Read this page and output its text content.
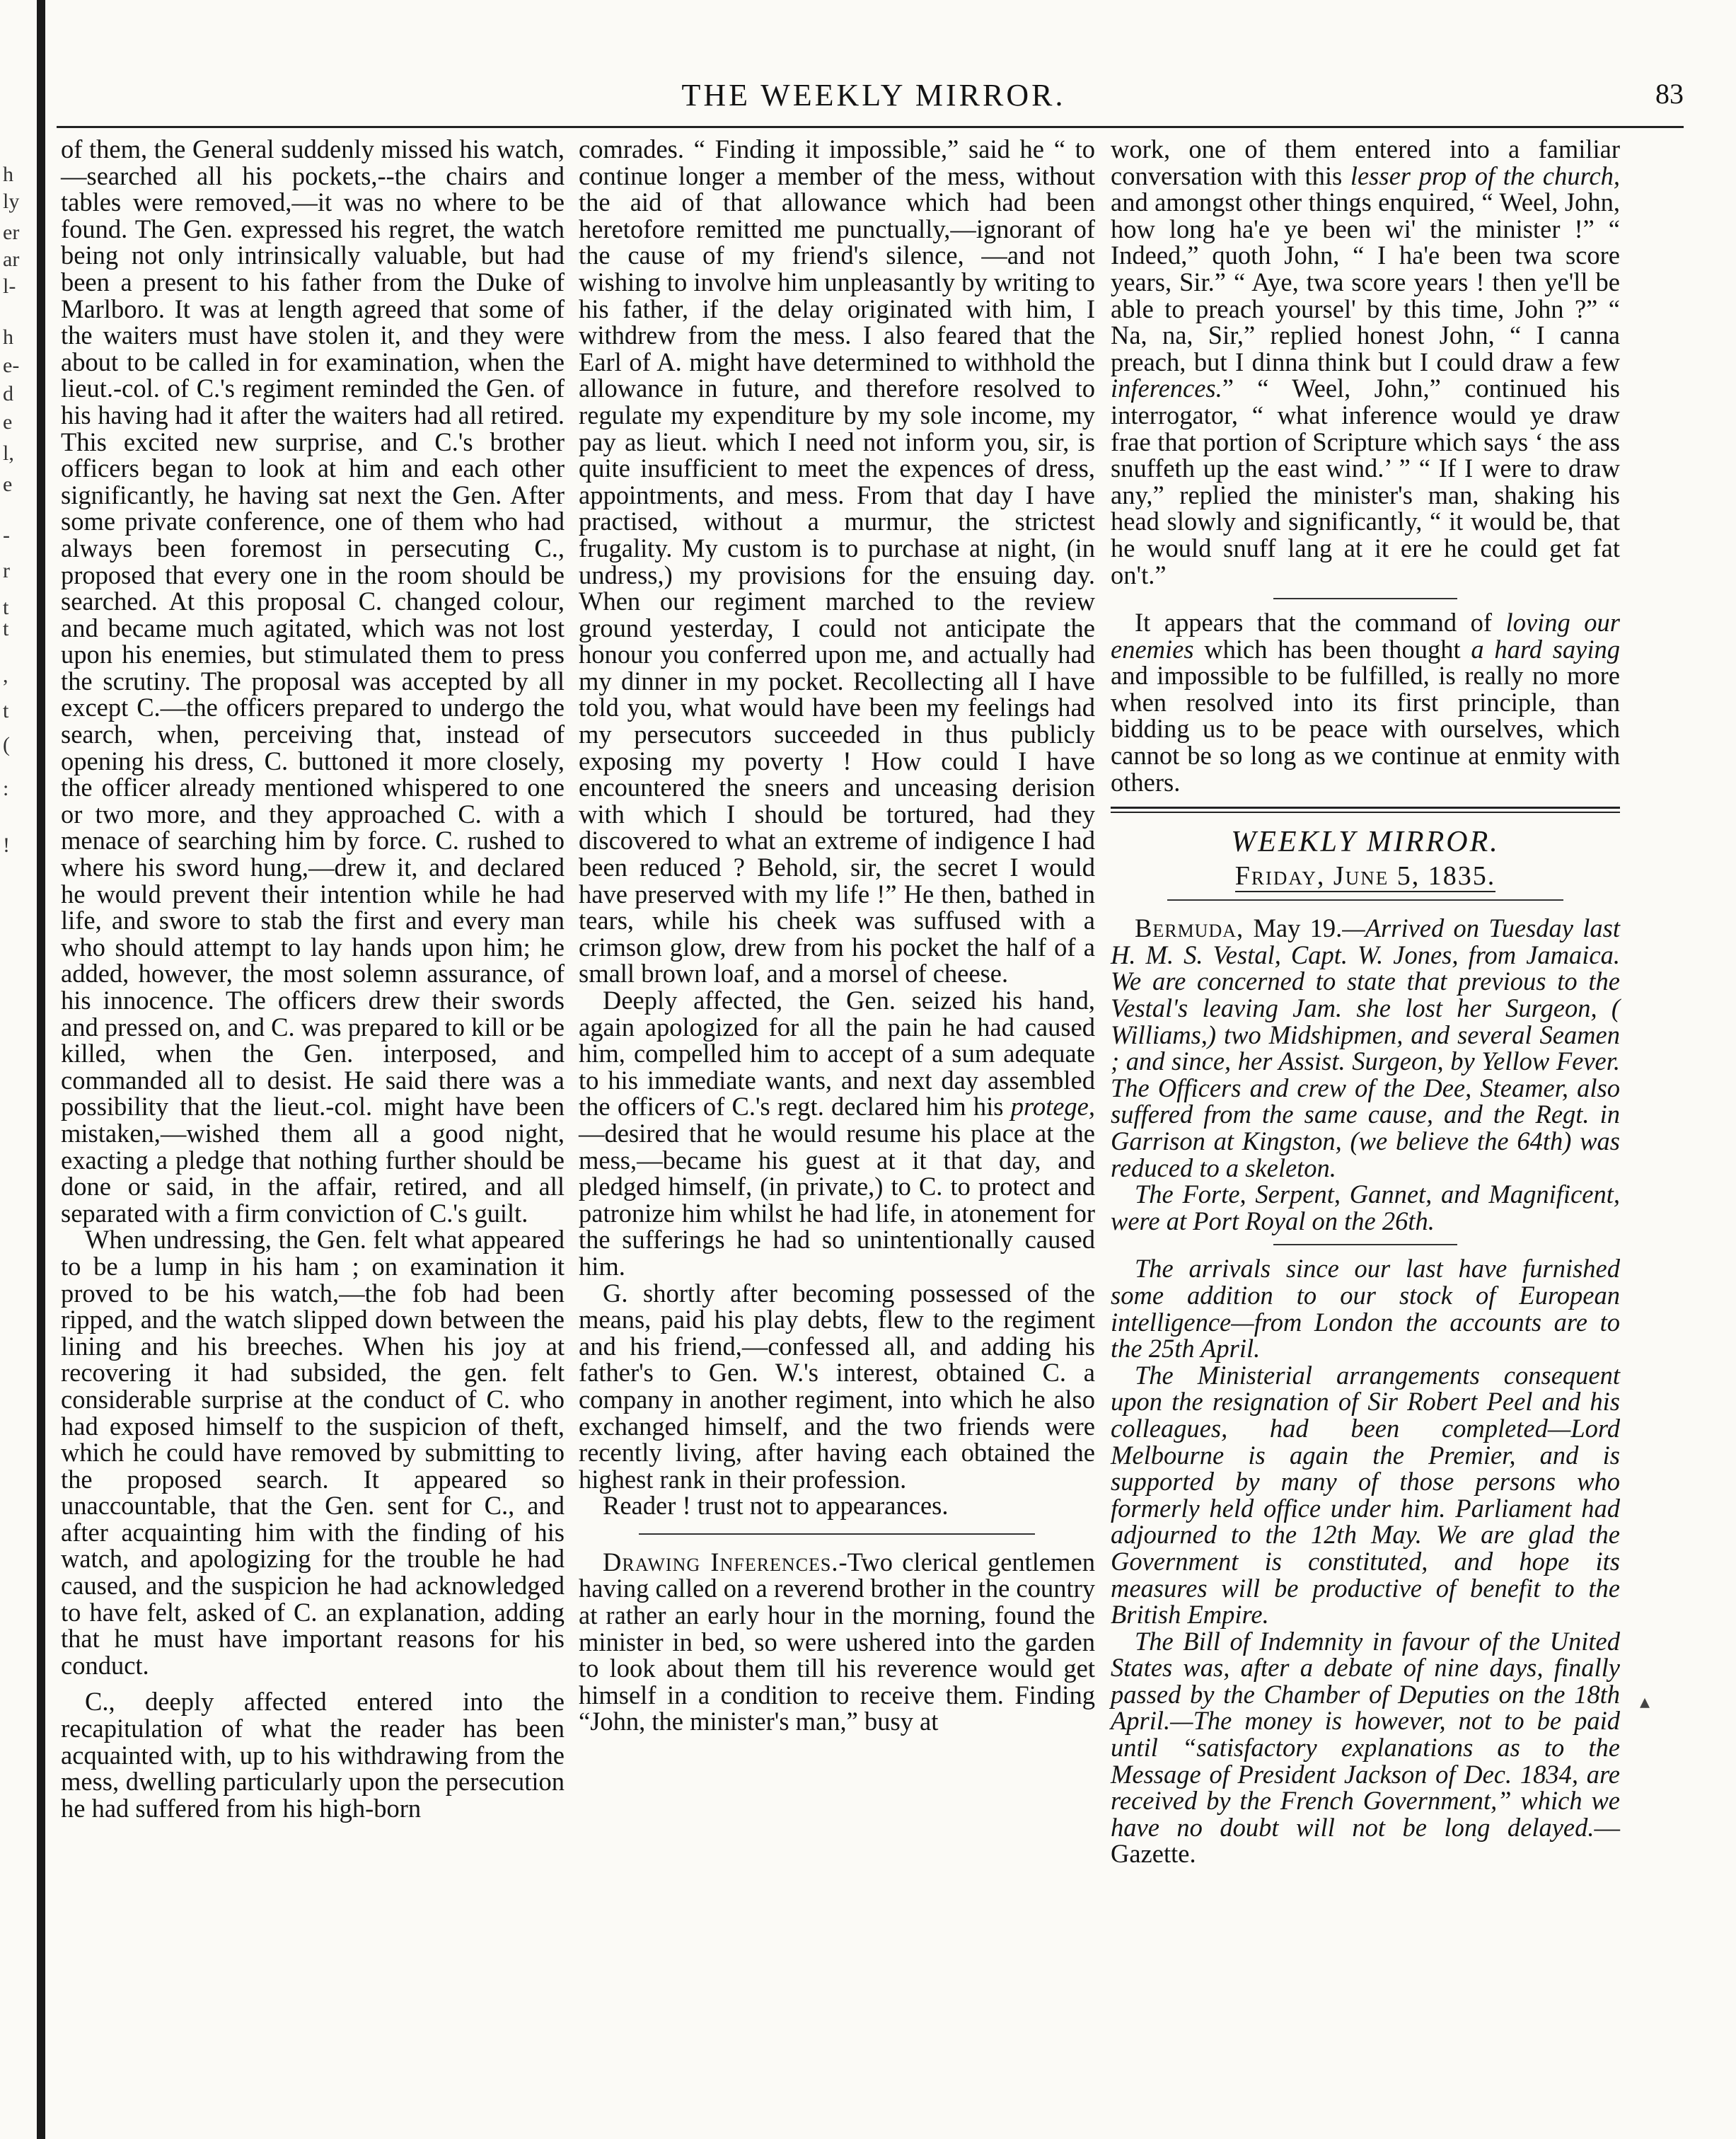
h
ly
er
ar
l-
h
e-
d
e
l,
e
-
r
t
t
,
t
(
:
!
THE WEEKLY MIRROR.	83

of them, the General suddenly missed his watch,—searched all his pockets,--the chairs and tables were removed,—it was no where to be found. The Gen. expressed his regret, the watch being not only intrinsically valuable, but had been a present to his father from the Duke of Marlboro. It was at length agreed that some of the waiters must have stolen it, and they were about to be called in for examination, when the lieut.-col. of C.'s regiment reminded the Gen. of his having had it after the waiters had all retired. This excited new surprise, and C.'s brother officers began to look at him and each other significantly, he having sat next the Gen. After some private conference, one of them who had always been foremost in persecuting C., proposed that every one in the room should be searched. At this proposal C. changed colour, and became much agitated, which was not lost upon his enemies, but stimulated them to press the scrutiny. The proposal was accepted by all except C.—the officers prepared to undergo the search, when, perceiving that, instead of opening his dress, C. buttoned it more closely, the officer already mentioned whispered to one or two more, and they approached C. with a menace of searching him by force. C. rushed to where his sword hung,—drew it, and declared he would prevent their intention while he had life, and swore to stab the first and every man who should attempt to lay hands upon him; he added, however, the most solemn assurance, of his innocence. The officers drew their swords and pressed on, and C. was prepared to kill or be killed, when the Gen. interposed, and commanded all to desist. He said there was a possibility that the lieut.-col. might have been mistaken,—wished them all a good night, exacting a pledge that nothing further should be done or said, in the affair, retired, and all separated with a firm conviction of C.'s guilt.

When undressing, the Gen. felt what appeared to be a lump in his ham ; on examination it proved to be his watch,—the fob had been ripped, and the watch slipped down between the lining and his breeches. When his joy at recovering it had subsided, the gen. felt considerable surprise at the conduct of C. who had exposed himself to the suspicion of theft, which he could have removed by submitting to the proposed search. It appeared so unaccountable, that the Gen. sent for C., and after acquainting him with the finding of his watch, and apologizing for the trouble he had caused, and the suspicion he had acknowledged to have felt, asked of C. an explanation, adding that he must have important reasons for his conduct.

C., deeply affected entered into the recapitulation of what the reader has been acquainted with, up to his withdrawing from the mess, dwelling particularly upon the persecution he had suffered from his high-born

comrades. “ Finding it impossible,” said he “ to continue longer a member of the mess, without the aid of that allowance which had been heretofore remitted me punctually,—ignorant of the cause of my friend's silence, —and not wishing to involve him unpleasantly by writing to his father, if the delay originated with him, I withdrew from the mess. I also feared that the Earl of A. might have determined to withhold the allowance in future, and therefore resolved to regulate my expenditure by my sole income, my pay as lieut. which I need not inform you, sir, is quite insufficient to meet the expences of dress, appointments, and mess. From that day I have practised, without a murmur, the strictest frugality. My custom is to purchase at night, (in undress,) my provisions for the ensuing day. When our regiment marched to the review ground yesterday, I could not anticipate the honour you conferred upon me, and actually had my dinner in my pocket. Recollecting all I have told you, what would have been my feelings had my persecutors succeeded in thus publicly exposing my poverty ! How could I have encountered the sneers and unceasing derision with which I should be tortured, had they discovered to what an extreme of indigence I had been reduced ? Behold, sir, the secret I would have preserved with my life !” He then, bathed in tears, while his cheek was suffused with a crimson glow, drew from his pocket the half of a small brown loaf, and a morsel of cheese.

Deeply affected, the Gen. seized his hand, again apologized for all the pain he had caused him, compelled him to accept of a sum adequate to his immediate wants, and next day assembled the officers of C.'s regt. declared him his protege,—desired that he would resume his place at the mess,—became his guest at it that day, and pledged himself, (in private,) to C. to protect and patronize him whilst he had life, in atonement for the sufferings he had so unintentionally caused him.

G. shortly after becoming possessed of the means, paid his play debts, flew to the regiment and his friend,—confessed all, and adding his father's to Gen. W.'s interest, obtained C. a company in another regiment, into which he also exchanged himself, and the two friends were recently living, after having each obtained the highest rank in their profession.

Reader ! trust not to appearances.

Drawing Inferences.-Two clerical gentlemen having called on a reverend brother in the country at rather an early hour in the morning, found the minister in bed, so were ushered into the garden to look about them till his reverence would get himself in a condition to receive them. Finding “John, the minister's man,” busy at

work, one of them entered into a familiar conversation with this lesser prop of the church, and amongst other things enquired, “ Weel, John, how long ha'e ye been wi' the minister !” “ Indeed,” quoth John, “ I ha'e been twa score years, Sir.” “ Aye, twa score years ! then ye'll be able to preach yoursel' by this time, John ?” “ Na, na, Sir,” replied honest John, “ I canna preach, but I dinna think but I could draw a few inferences.” “ Weel, John,” continued his interrogator, “ what inference would ye draw frae that portion of Scripture which says ‘ the ass snuffeth up the east wind.’ ” “ If I were to draw any,” replied the minister's man, shaking his head slowly and significantly, “ it would be, that he would snuff lang at it ere he could get fat on't.”

It appears that the command of loving our enemies which has been thought a hard saying and impossible to be fulfilled, is really no more when resolved into its first principle, than bidding us to be peace with ourselves, which cannot be so long as we continue at enmity with others.

WEEKLY MIRROR.
Friday, June 5, 1835.

Bermuda, May 19.—Arrived on Tuesday last H. M. S. Vestal, Capt. W. Jones, from Jamaica. We are concerned to state that previous to the Vestal's leaving Jam. she lost her Surgeon, ( Williams,) two Midshipmen, and several Seamen ; and since, her Assist. Surgeon, by Yellow Fever. The Officers and crew of the Dee, Steamer, also suffered from the same cause, and the Regt. in Garrison at Kingston, (we believe the 64th) was reduced to a skeleton.

The Forte, Serpent, Gannet, and Magnificent, were at Port Royal on the 26th.

The arrivals since our last have furnished some addition to our stock of European intelligence—from London the accounts are to the 25th April.

The Ministerial arrangements consequent upon the resignation of Sir Robert Peel and his colleagues, had been completed—Lord Melbourne is again the Premier, and is supported by many of those persons who formerly held office under him. Parliament had adjourned to the 12th May. We are glad the Government is constituted, and hope its measures will be productive of benefit to the British Empire.

The Bill of Indemnity in favour of the United States was, after a debate of nine days, finally passed by the Chamber of Deputies on the 18th April.—The money is however, not to be paid until “satisfactory explanations as to the Message of President Jackson of Dec. 1834, are received by the French Government,” which we have no doubt will not be long delayed.—Gazette.

▴
